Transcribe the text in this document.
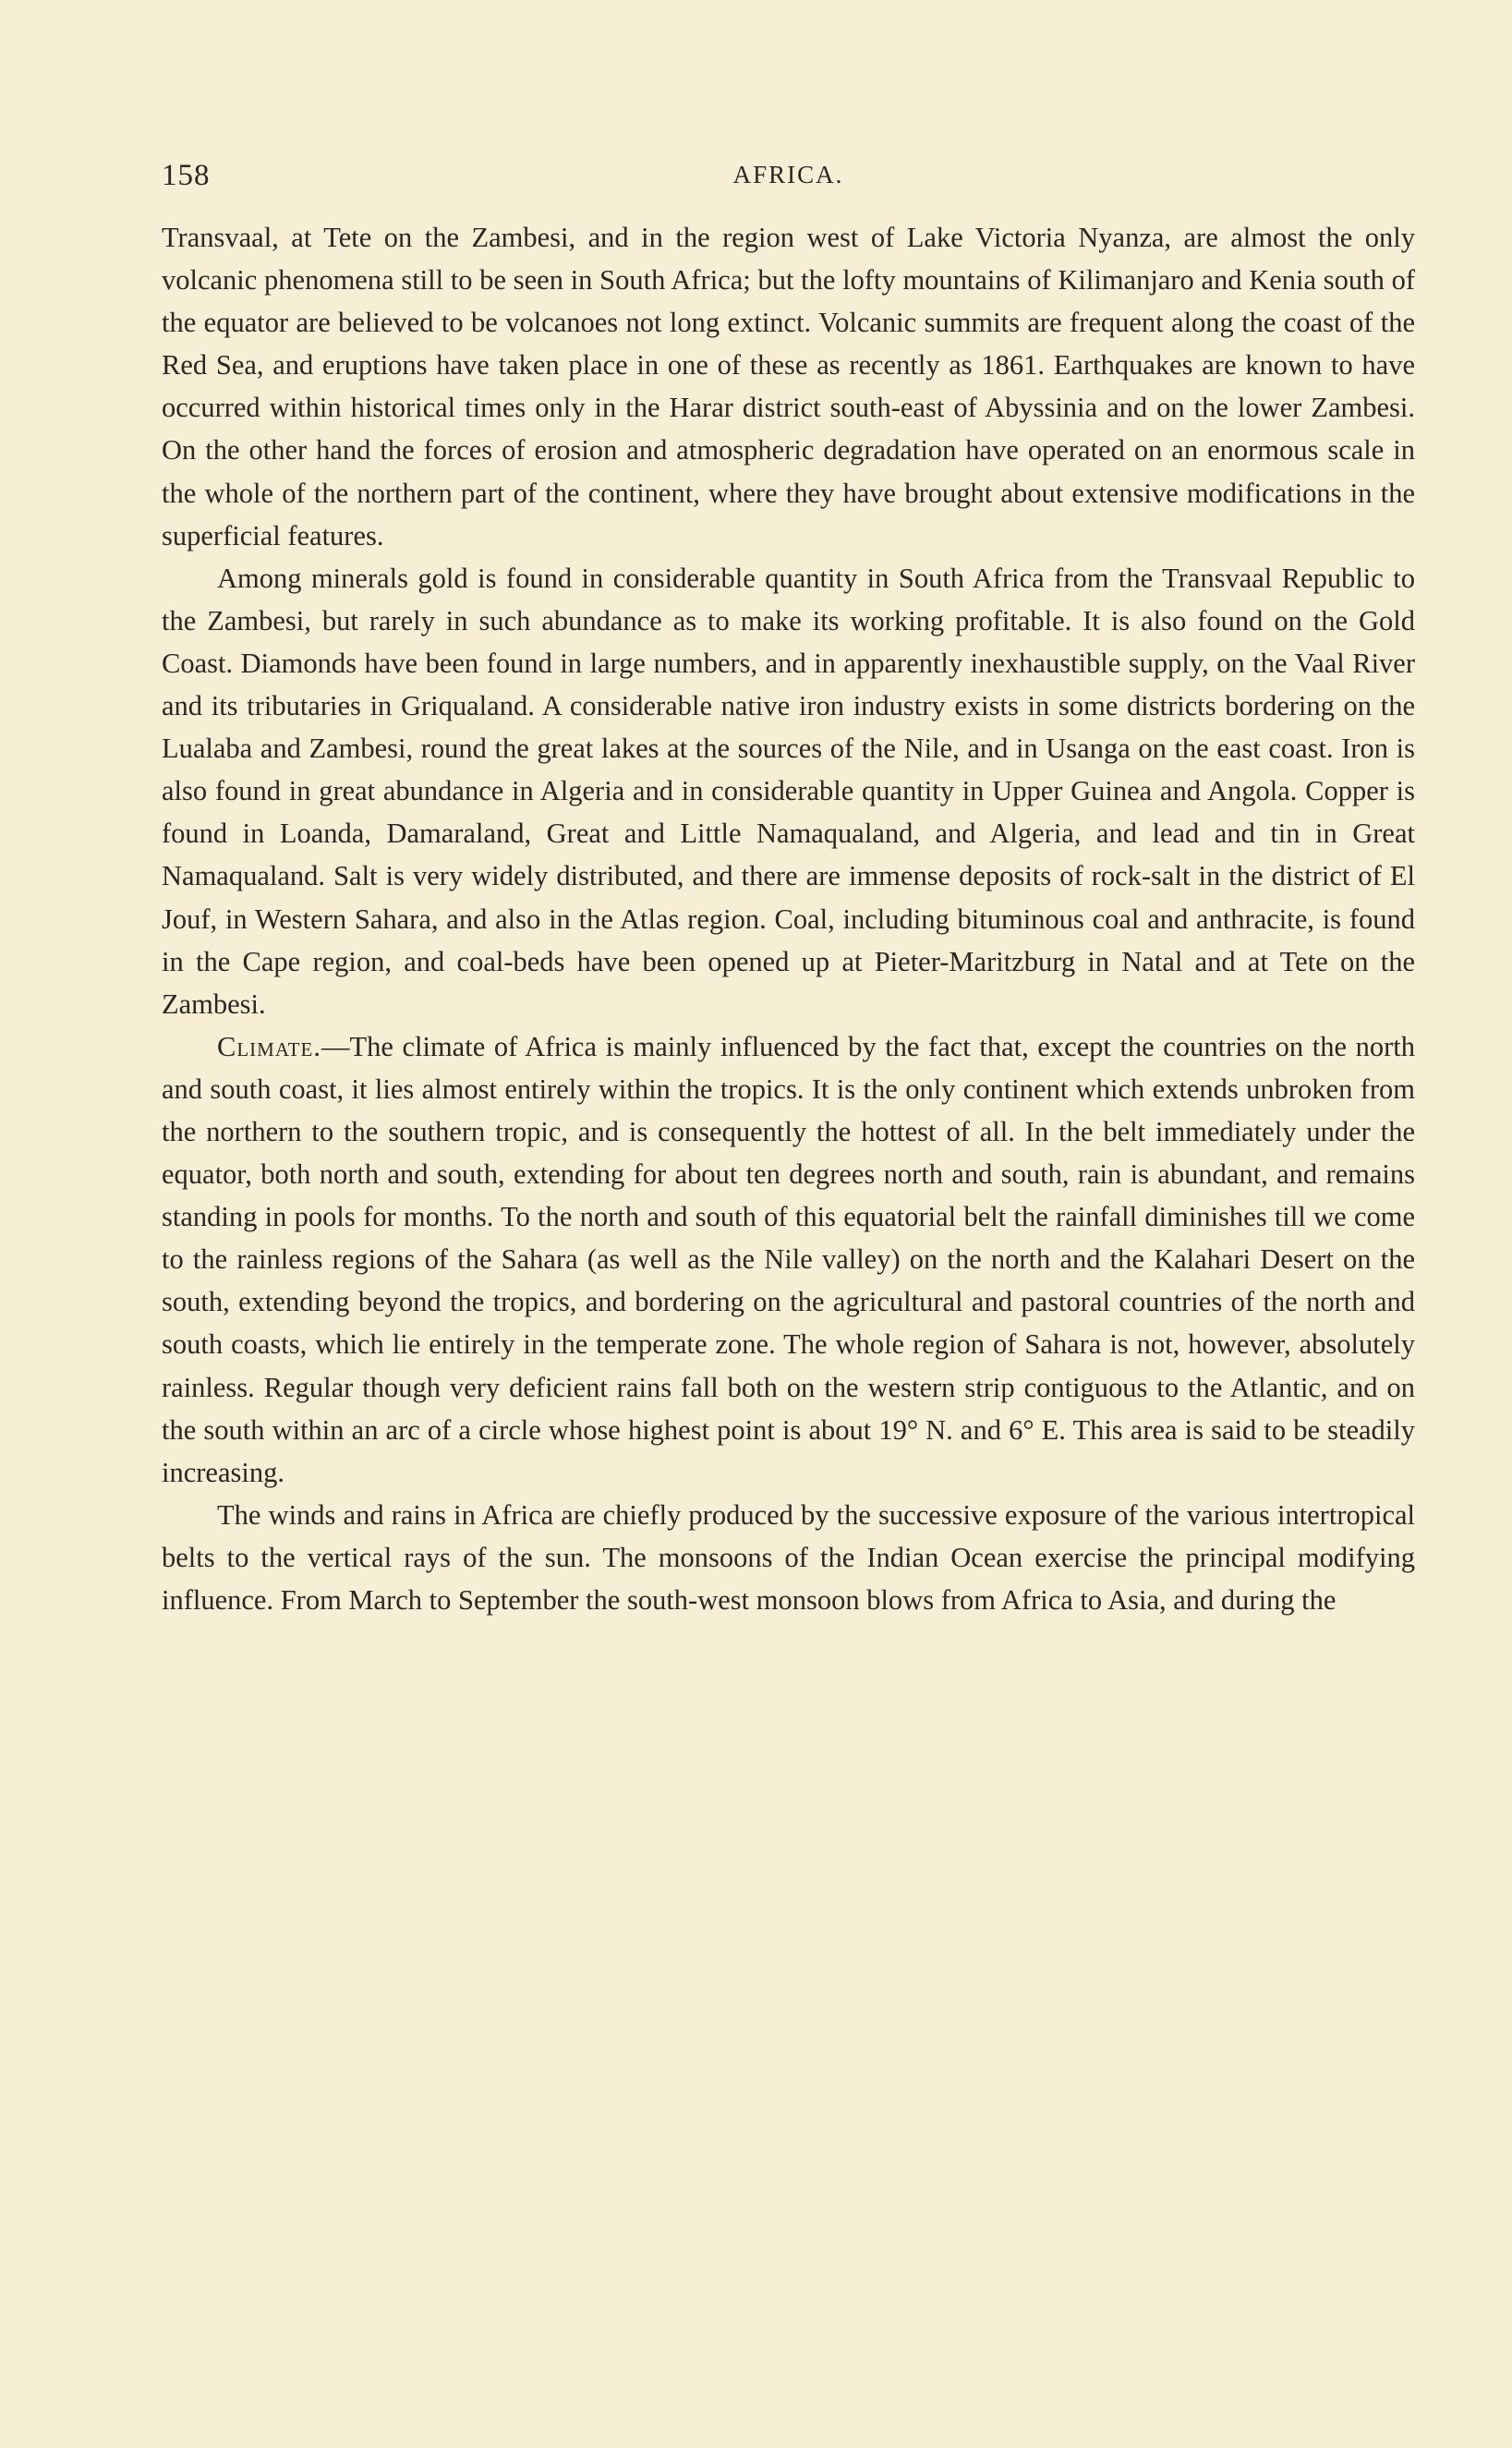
158	AFRICA.

Transvaal, at Tete on the Zambesi, and in the region west of Lake Victoria Nyanza, are almost the only volcanic phenomena still to be seen in South Africa; but the lofty mountains of Kilimanjaro and Kenia south of the equator are believed to be volcanoes not long extinct. Volcanic summits are frequent along the coast of the Red Sea, and eruptions have taken place in one of these as recently as 1861. Earthquakes are known to have occurred within historical times only in the Harar district south-east of Abyssinia and on the lower Zambesi. On the other hand the forces of erosion and atmospheric degradation have operated on an enormous scale in the whole of the northern part of the continent, where they have brought about extensive modifications in the superficial features.

Among minerals gold is found in considerable quantity in South Africa from the Transvaal Republic to the Zambesi, but rarely in such abundance as to make its working profitable. It is also found on the Gold Coast. Diamonds have been found in large numbers, and in apparently inexhaustible supply, on the Vaal River and its tributaries in Griqualand. A considerable native iron industry exists in some districts bordering on the Lualaba and Zambesi, round the great lakes at the sources of the Nile, and in Usanga on the east coast. Iron is also found in great abundance in Algeria and in considerable quantity in Upper Guinea and Angola. Copper is found in Loanda, Damaraland, Great and Little Namaqualand, and Algeria, and lead and tin in Great Namaqualand. Salt is very widely distributed, and there are immense deposits of rock-salt in the district of El Jouf, in Western Sahara, and also in the Atlas region. Coal, including bituminous coal and anthracite, is found in the Cape region, and coal-beds have been opened up at Pieter-Maritzburg in Natal and at Tete on the Zambesi.

Climate.—The climate of Africa is mainly influenced by the fact that, except the countries on the north and south coast, it lies almost entirely within the tropics. It is the only continent which extends unbroken from the northern to the southern tropic, and is consequently the hottest of all. In the belt immediately under the equator, both north and south, extending for about ten degrees north and south, rain is abundant, and remains standing in pools for months. To the north and south of this equatorial belt the rainfall diminishes till we come to the rainless regions of the Sahara (as well as the Nile valley) on the north and the Kalahari Desert on the south, extending beyond the tropics, and bordering on the agricultural and pastoral countries of the north and south coasts, which lie entirely in the temperate zone. The whole region of Sahara is not, however, absolutely rainless. Regular though very deficient rains fall both on the western strip contiguous to the Atlantic, and on the south within an arc of a circle whose highest point is about 19° N. and 6° E. This area is said to be steadily increasing.

The winds and rains in Africa are chiefly produced by the successive exposure of the various intertropical belts to the vertical rays of the sun. The monsoons of the Indian Ocean exercise the principal modifying influence. From March to September the south-west monsoon blows from Africa to Asia, and during the
